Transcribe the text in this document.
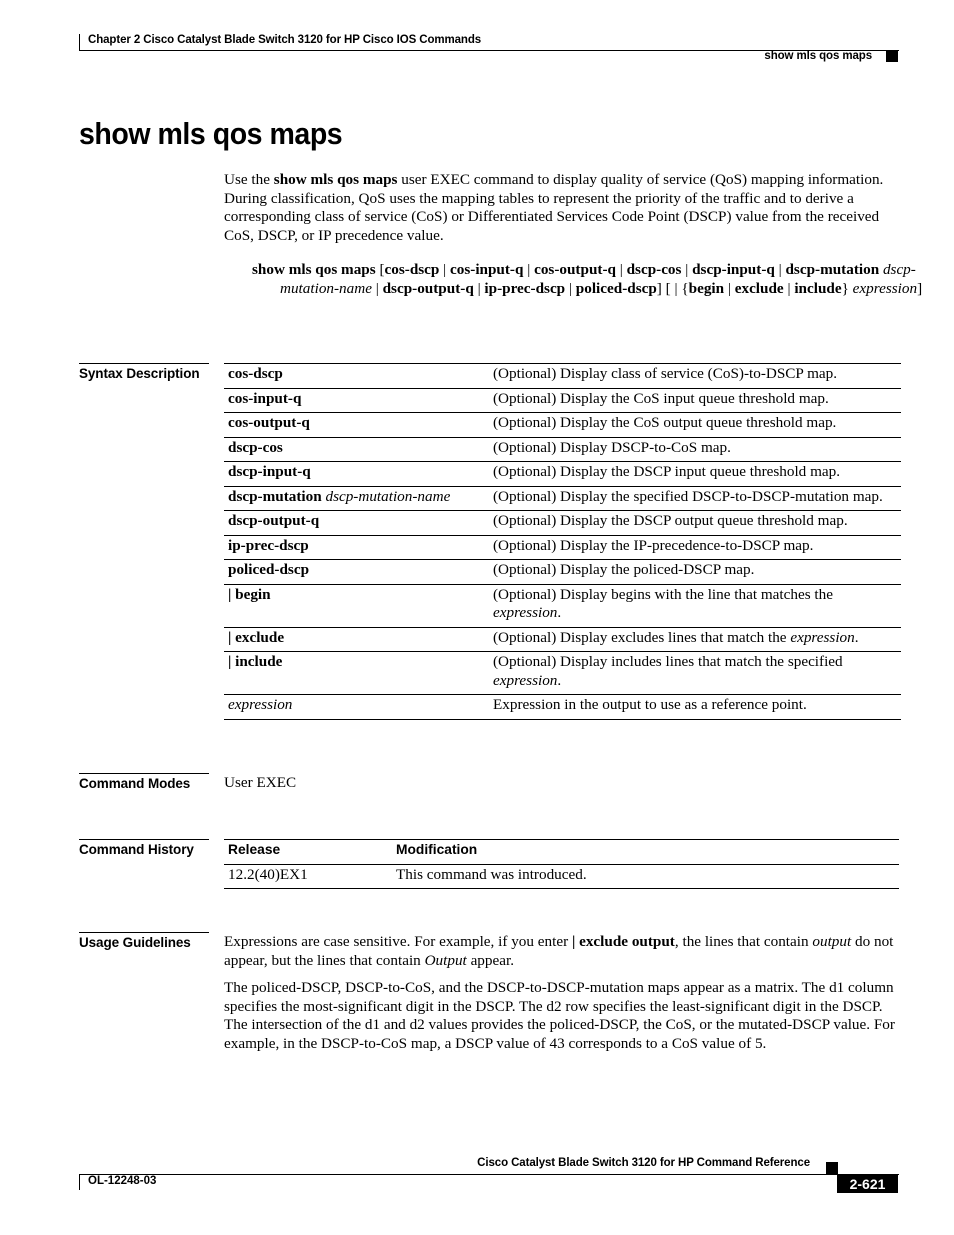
Chapter 2 Cisco Catalyst Blade Switch 3120 for HP Cisco IOS Commands
show mls qos maps
show mls qos maps
Use the show mls qos maps user EXEC command to display quality of service (QoS) mapping information. During classification, QoS uses the mapping tables to represent the priority of the traffic and to derive a corresponding class of service (CoS) or Differentiated Services Code Point (DSCP) value from the received CoS, DSCP, or IP precedence value.
show mls qos maps [cos-dscp | cos-input-q | cos-output-q | dscp-cos | dscp-input-q | dscp-mutation dscp-mutation-name | dscp-output-q | ip-prec-dscp | policed-dscp] [ | {begin | exclude | include} expression]
Syntax Description	cos-dscp	(Optional) Display class of service (CoS)-to-DSCP map.
cos-input-q	(Optional) Display the CoS input queue threshold map.
cos-output-q	(Optional) Display the CoS output queue threshold map.
dscp-cos	(Optional) Display DSCP-to-CoS map.
dscp-input-q	(Optional) Display the DSCP input queue threshold map.
dscp-mutation dscp-mutation-name	(Optional) Display the specified DSCP-to-DSCP-mutation map.
dscp-output-q	(Optional) Display the DSCP output queue threshold map.
ip-prec-dscp	(Optional) Display the IP-precedence-to-DSCP map.
policed-dscp	(Optional) Display the policed-DSCP map.
| begin	(Optional) Display begins with the line that matches the expression.
| exclude	(Optional) Display excludes lines that match the expression.
| include	(Optional) Display includes lines that match the specified expression.
expression	Expression in the output to use as a reference point.
Command Modes	User EXEC
Command History	Release	Modification
12.2(40)EX1	This command was introduced.
Usage Guidelines	Expressions are case sensitive. For example, if you enter | exclude output, the lines that contain output do not appear, but the lines that contain Output appear.
The policed-DSCP, DSCP-to-CoS, and the DSCP-to-DSCP-mutation maps appear as a matrix. The d1 column specifies the most-significant digit in the DSCP. The d2 row specifies the least-significant digit in the DSCP. The intersection of the d1 and d2 values provides the policed-DSCP, the CoS, or the mutated-DSCP value. For example, in the DSCP-to-CoS map, a DSCP value of 43 corresponds to a CoS value of 5.
Cisco Catalyst Blade Switch 3120 for HP Command Reference
OL-12248-03	2-621
